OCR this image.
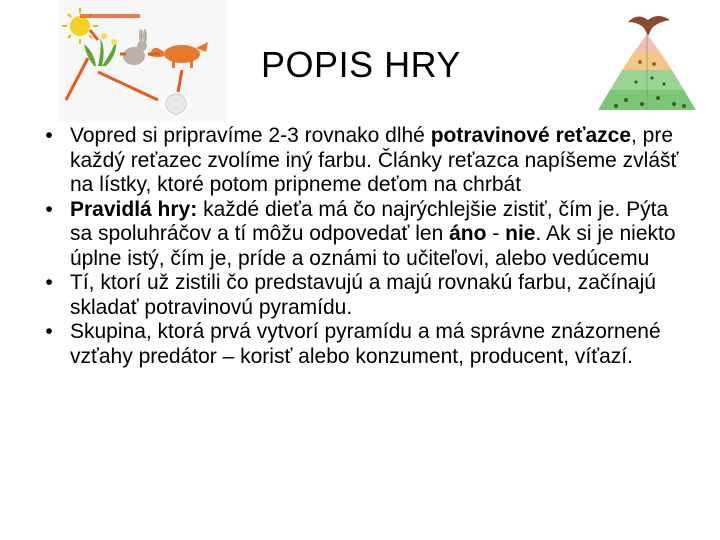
POPIS HRY
• Vopred si pripravíme 2-3 rovnako dlhé potravinové reťazce, pre každý reťazec zvolíme iný farbu. Články reťazca napíšeme zvlášť na lístky, ktoré potom pripneme deťom na chrbát
• Pravidlá hry: každé dieťa má čo najrýchlejšie zistiť, čím je. Pýta sa spoluhráčov a tí môžu odpovedať len áno - nie. Ak si je niekto úplne istý, čím je, príde a oznámi to učiteľovi, alebo vedúcemu
• Tí, ktorí už zistili čo predstavujú a majú rovnakú farbu, začínajú skladať potravinovú pyramídu.
• Skupina, ktorá prvá vytvorí pyramídu a má správne znázornené vzťahy predátor – korisť alebo konzument, producent, víťazí.
